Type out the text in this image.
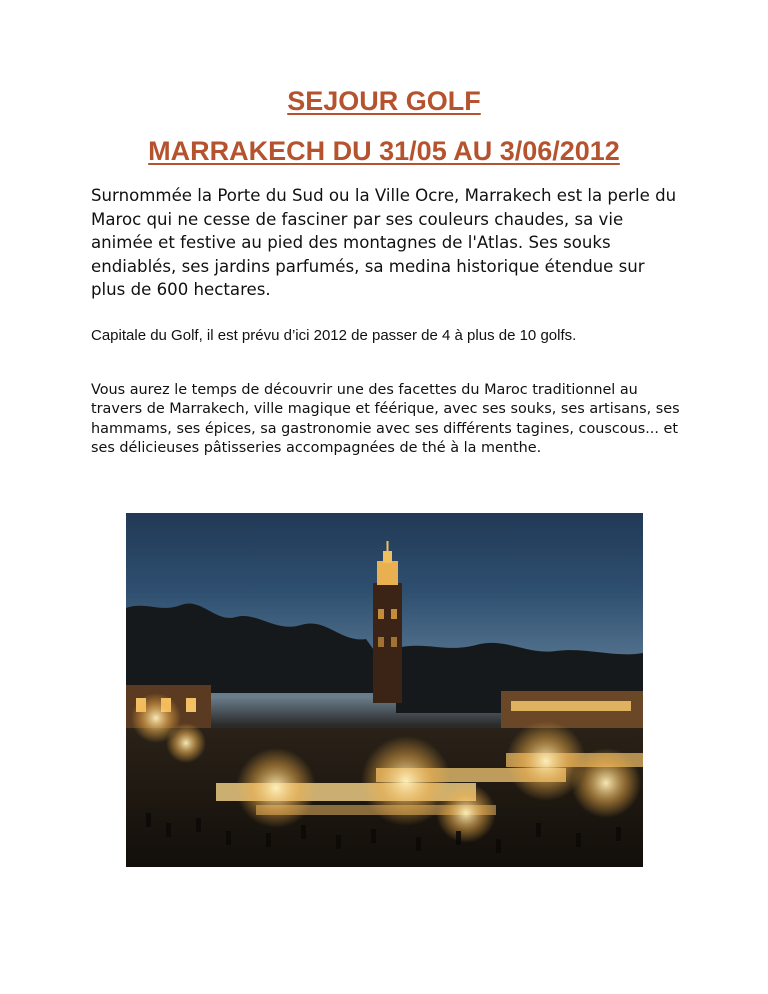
SEJOUR GOLF
MARRAKECH DU 31/05 AU 3/06/2012

Surnommée la Porte du Sud ou la Ville Ocre, Marrakech est la perle du Maroc qui ne cesse de fasciner par ses couleurs chaudes, sa vie animée et festive au pied des montagnes de l'Atlas. Ses souks endiablés, ses jardins parfumés, sa medina historique étendue sur plus de 600 hectares.

Capitale du Golf, il est prévu d’ici 2012 de passer de 4 à plus de 10 golfs.

Vous aurez le temps de découvrir une des facettes du Maroc traditionnel au travers de Marrakech, ville magique et féérique, avec ses souks, ses artisans, ses hammams, ses épices, sa gastronomie avec ses différents tagines, couscous... et ses délicieuses pâtisseries accompagnées de thé à la menthe.
